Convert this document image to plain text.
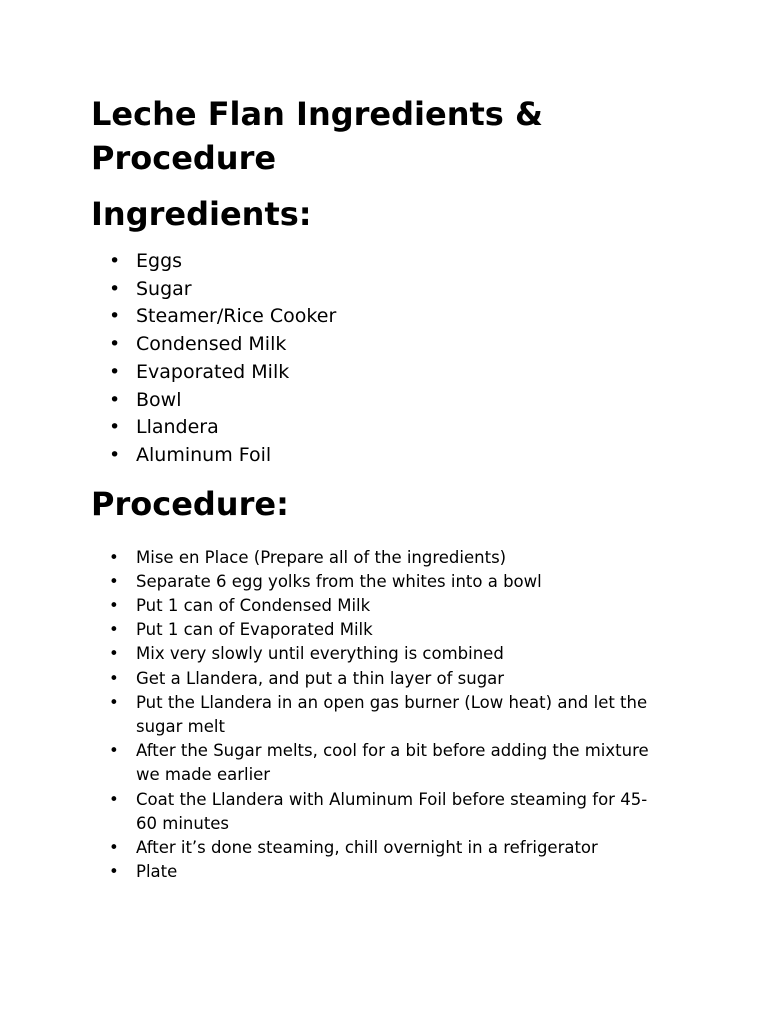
Leche Flan Ingredients & Procedure
Ingredients:
• Eggs
• Sugar
• Steamer/Rice Cooker
• Condensed Milk
• Evaporated Milk
• Bowl
• Llandera
• Aluminum Foil
Procedure:
• Mise en Place (Prepare all of the ingredients)
• Separate 6 egg yolks from the whites into a bowl
• Put 1 can of Condensed Milk
• Put 1 can of Evaporated Milk
• Mix very slowly until everything is combined
• Get a Llandera, and put a thin layer of sugar
• Put the Llandera in an open gas burner (Low heat) and let the sugar melt
• After the Sugar melts, cool for a bit before adding the mixture we made earlier
• Coat the Llandera with Aluminum Foil before steaming for 45-60 minutes
• After it’s done steaming, chill overnight in a refrigerator
• Plate
